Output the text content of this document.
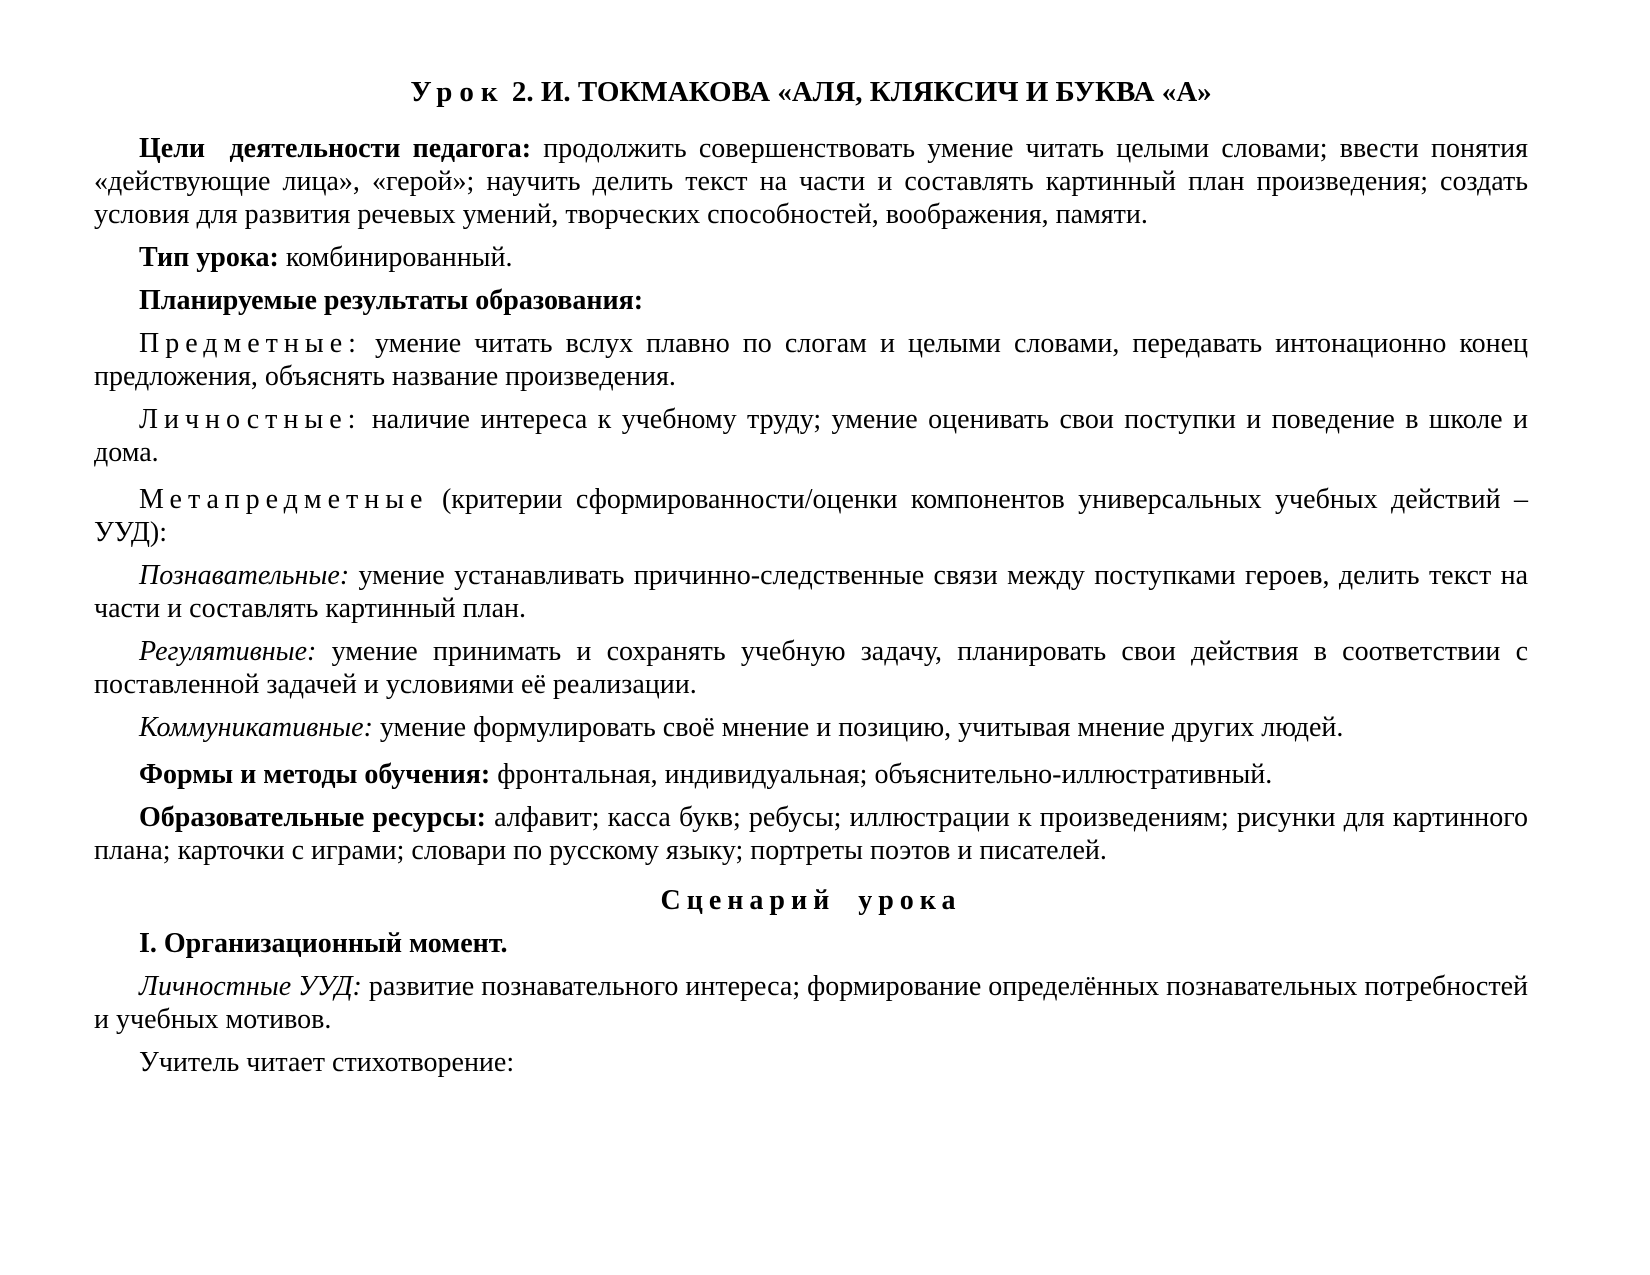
Урок 2. И. ТОКМАКОВА «АЛЯ, КЛЯКСИЧ И БУКВА «А»

Цели  деятельности педагога: продолжить совершенствовать умение читать целыми словами; ввести понятия «действующие лица», «герой»; научить делить текст на части и составлять картинный план произведения; создать условия для развития речевых умений, творческих способностей, воображения, памяти.

Тип урока: комбинированный.

Планируемые результаты образования:

Предметные: умение читать вслух плавно по слогам и целыми словами, передавать интонационно конец предложения, объяснять название произведения.

Личностные: наличие интереса к учебному труду; умение оценивать свои поступки и поведение в школе и дома.

Метапредметные (критерии сформированности/оценки компонентов универсальных учебных действий – УУД):

Познавательные: умение устанавливать причинно-следственные связи между поступками героев, делить текст на части и составлять картинный план.

Регулятивные: умение принимать и сохранять учебную задачу, планировать свои действия в соответствии с поставленной задачей и условиями её реализации.

Коммуникативные: умение формулировать своё мнение и позицию, учитывая мнение других людей.

Формы и методы обучения: фронтальная, индивидуальная; объяснительно-иллюстративный.

Образовательные ресурсы: алфавит; касса букв; ребусы; иллюстрации к произведениям; рисунки для картинного плана; карточки с играми; словари по русскому языку; портреты поэтов и писателей.

Сценарий урока

I. Организационный момент.

Личностные УУД: развитие познавательного интереса; формирование определённых познавательных потребностей и учебных мотивов.

Учитель читает стихотворение:
